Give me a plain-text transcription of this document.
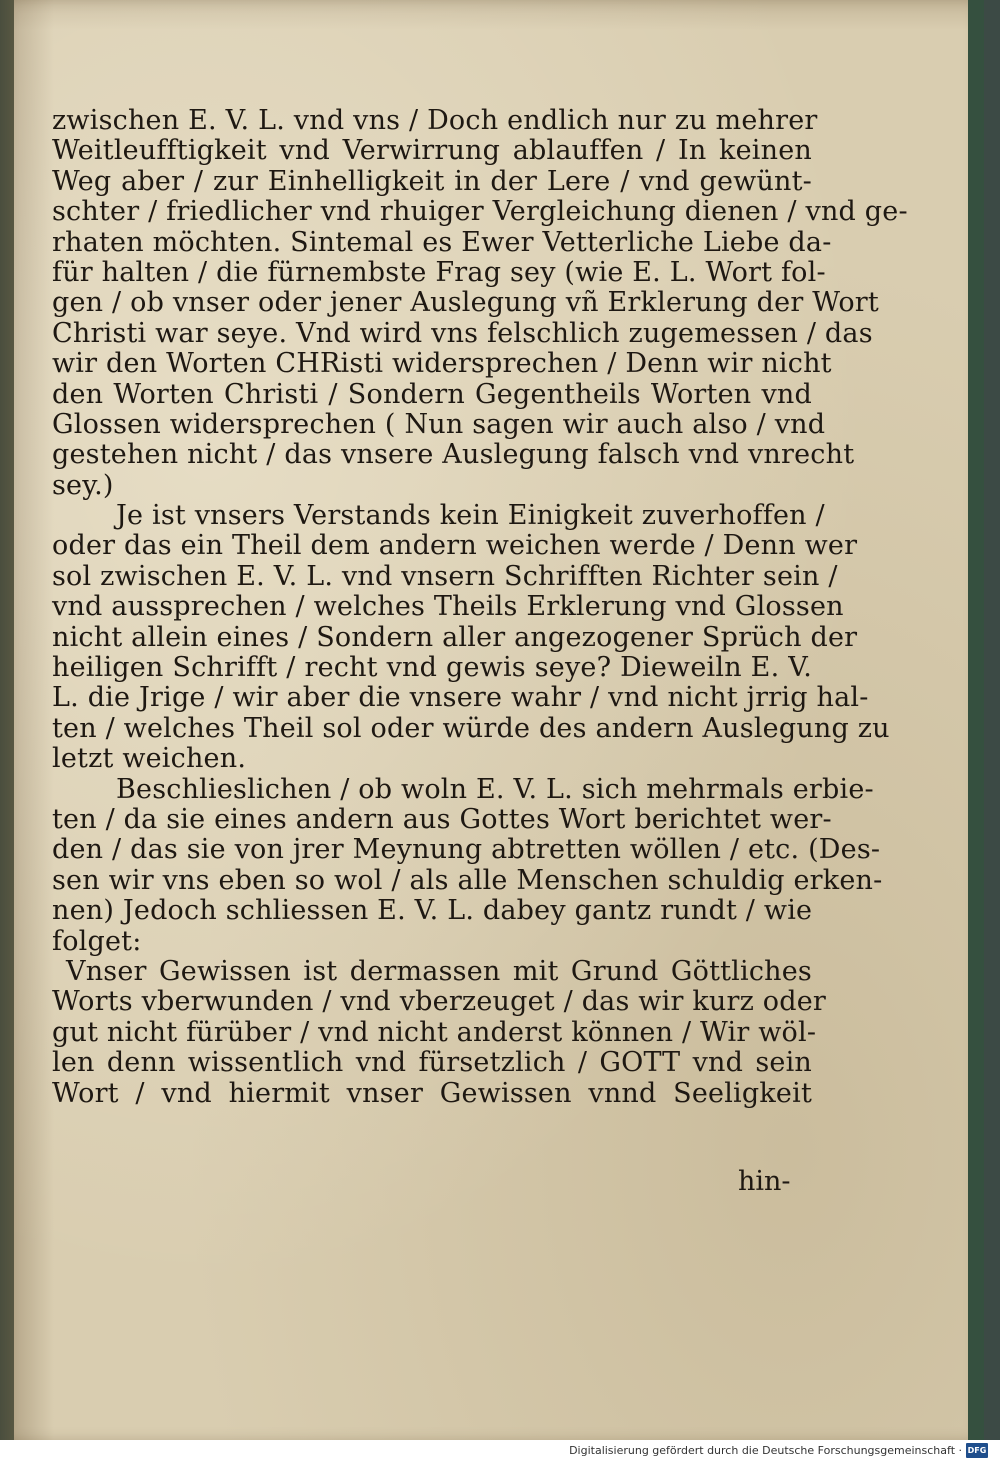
zwischen E. V. L. vnd vns / Doch endlich nur zu mehrer
Weitleufftigkeit vnd Verwirrung ablauffen / In keinen
Weg aber / zur Einhelligkeit in der Lere / vnd gewünt-
schter / friedlicher vnd rhuiger Vergleichung dienen / vnd ge-
rhaten möchten. Sintemal es Ewer Vetterliche Liebe da-
für halten / die fürnembste Frag sey (wie E. L. Wort fol-
gen / ob vnser oder jener Auslegung vñ Erklerung der Wort
Christi war seye. Vnd wird vns felschlich zugemessen / das
wir den Worten CHRisti widersprechen / Denn wir nicht
den Worten Christi / Sondern Gegentheils Worten vnd
Glossen widersprechen ( Nun sagen wir auch also / vnd
gestehen nicht / das vnsere Auslegung falsch vnd vnrecht
sey.)
Je ist vnsers Verstands kein Einigkeit zuverhoffen /
oder das ein Theil dem andern weichen werde / Denn wer
sol zwischen E. V. L. vnd vnsern Schrifften Richter sein /
vnd aussprechen / welches Theils Erklerung vnd Glossen
nicht allein eines / Sondern aller angezogener Sprüch der
heiligen Schrifft / recht vnd gewis seye? Dieweiln E. V.
L. die Jrige / wir aber die vnsere wahr / vnd nicht jrrig hal-
ten / welches Theil sol oder würde des andern Auslegung zu
letzt weichen.
Beschlieslichen / ob woln E. V. L. sich mehrmals erbie-
ten / da sie eines andern aus Gottes Wort berichtet wer-
den / das sie von jrer Meynung abtretten wöllen / etc. (Des-
sen wir vns eben so wol / als alle Menschen schuldig erken-
nen) Jedoch schliessen E. V. L. dabey gantz rundt / wie
folget:
Vnser Gewissen ist dermassen mit Grund Göttliches
Worts vberwunden / vnd vberzeuget / das wir kurz oder
gut nicht fürüber / vnd nicht anderst können / Wir wöl-
len denn wissentlich vnd fürsetzlich / GOTT vnd sein
Wort / vnd hiermit vnser Gewissen vnnd Seeligkeit
hin-
Digitalisierung gefördert durch die Deutsche Forschungsgemeinschaft · DFG
